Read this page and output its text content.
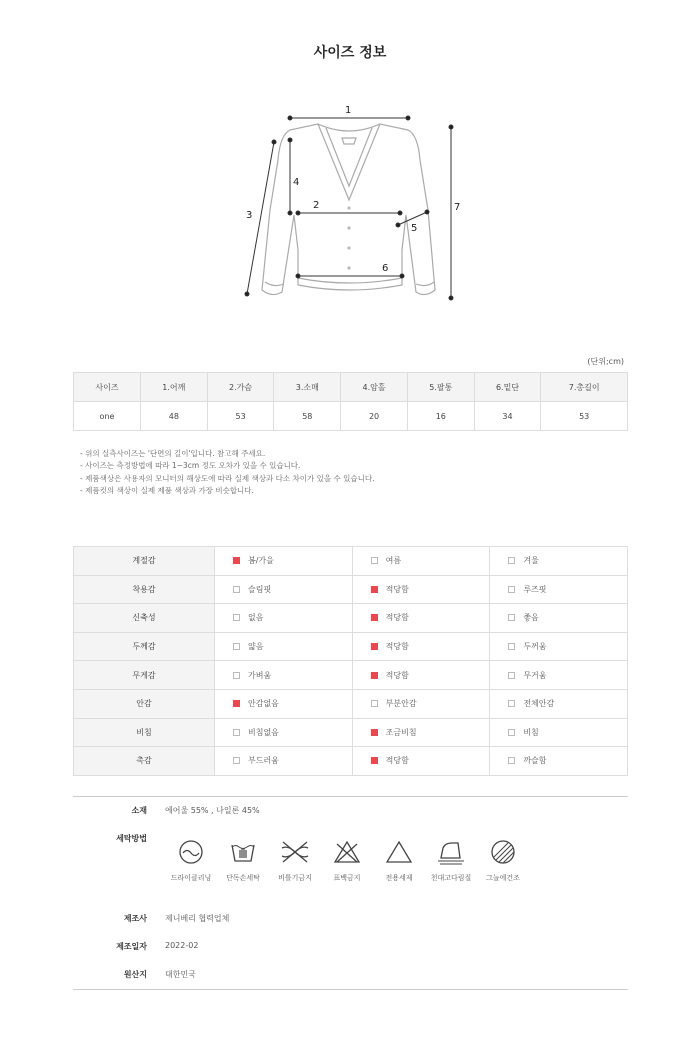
사이즈 정보
1
2
3
4
5
6
7
(단위;cm)
사이즈	1.어깨	2.가슴	3.소매	4.암홀	5.팔통	6.밑단	7.총길이
one	48	53	58	20	16	34	53
- 위의 실측사이즈는 '단면의 길이'입니다. 참고해 주세요.
- 사이즈는 측정방법에 따라 1~3cm 정도 오차가 있을 수 있습니다.
- 제품색상은 사용자의 모니터의 해상도에 따라 실제 색상과 다소 차이가 있을 수 있습니다.
- 제품컷의 색상이 실제 제품 색상과 가장 비슷합니다.
계절감	봄/가을	여름	겨울
착용감	슬림핏	적당함	루즈핏
신축성	없음	적당함	좋음
두께감	얇음	적당함	두꺼움
무게감	가벼움	적당함	무거움
안감	안감없음	부분안감	전체안감
비침	비침없음	조금비침	비침
촉감	부드러움	적당함	까슬함
소재 에어울 55% , 나일론 45%
세탁방법
드라이클리닝	단독손세탁	비틀기금지	표백금지	전용세제	천대고다림질	그늘에건조
제조사 제니베리 협력업체
제조일자 2022-02
원산지 대한민국
